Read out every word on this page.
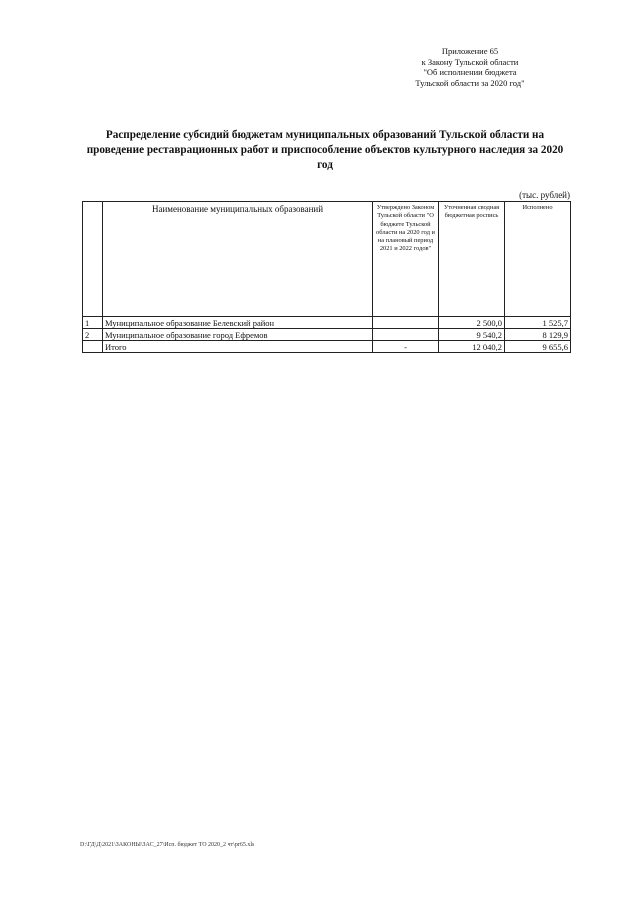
Приложение 65
к Закону Тульской области
"Об исполнении бюджета
Тульской области за 2020 год"
Распределение субсидий бюджетам муниципальных образований Тульской области на проведение реставрационных работ и приспособление объектов культурного наследия за 2020 год
(тыс. рублей)
	Наименование муниципальных образований	Утверждено Законом Тульской области "О бюджете Тульской области на 2020 год и на плановый период 2021 и 2022 годов"	Уточненная сводная бюджетная роспись	Исполнено
1	Муниципальное образование Белевский район		2 500,0	1 525,7
2	Муниципальное образование город Ефремов		9 540,2	8 129,9
	Итого	-	12 040,2	9 655,6
D:\ГД\Д\2021\ЗАКОНЫ\ЗАС_27\Исп. бюджет ТО 2020_2 чт\pr65.xls
